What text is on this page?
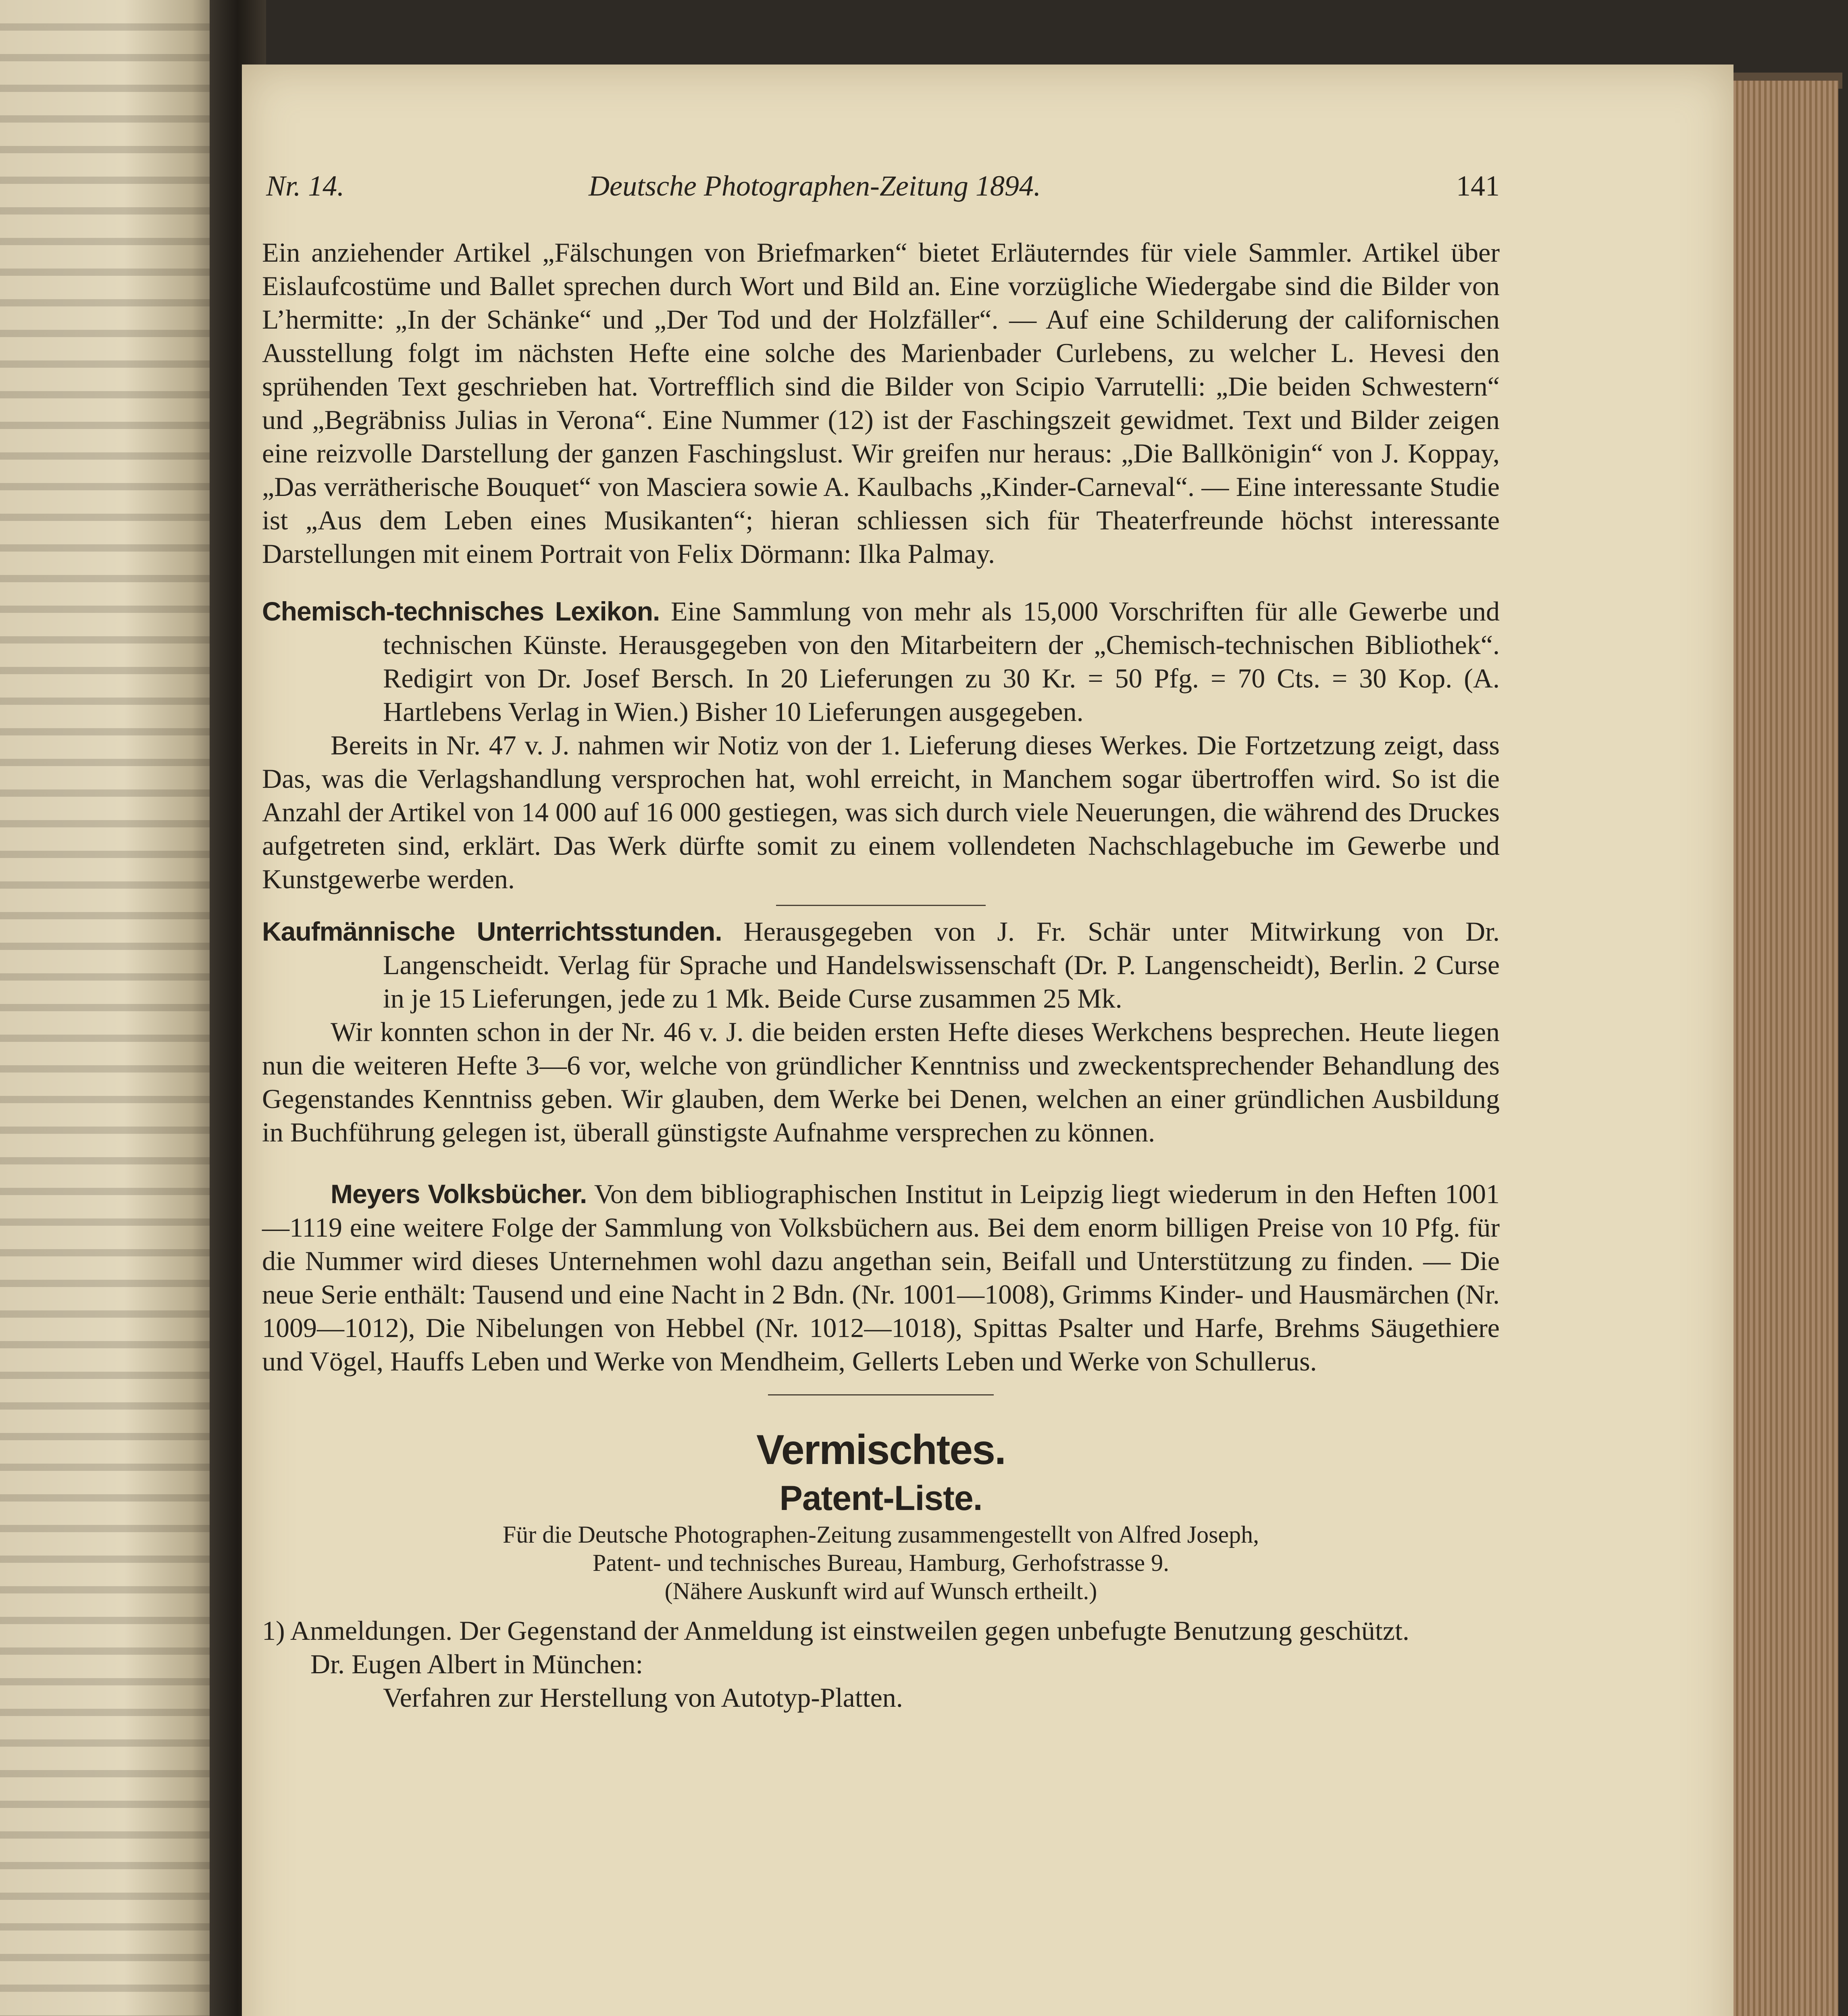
Nr. 14.	Deutsche Photographen-Zeitung 1894.	141

Ein anziehender Artikel „Fälschungen von Briefmarken“ bietet Erläuterndes für viele Sammler. Artikel über Eislaufcostüme und Ballet sprechen durch Wort und Bild an. Eine vorzügliche Wiedergabe sind die Bilder von L’hermitte: „In der Schänke“ und „Der Tod und der Holzfäller“. — Auf eine Schilderung der californischen Ausstellung folgt im nächsten Hefte eine solche des Marienbader Curlebens, zu welcher L. Hevesi den sprühenden Text geschrieben hat. Vortrefflich sind die Bilder von Scipio Varrutelli: „Die beiden Schwestern“ und „Begräbniss Julias in Verona“. Eine Nummer (12) ist der Faschingszeit gewidmet. Text und Bilder zeigen eine reizvolle Darstellung der ganzen Faschingslust. Wir greifen nur heraus: „Die Ballkönigin“ von J. Koppay, „Das verrätherische Bouquet“ von Masciera sowie A. Kaulbachs „Kinder-Carneval“. — Eine interessante Studie ist „Aus dem Leben eines Musikanten“; hieran schliessen sich für Theaterfreunde höchst interessante Darstellungen mit einem Portrait von Felix Dörmann: Ilka Palmay.

Chemisch-technisches Lexikon. Eine Sammlung von mehr als 15,000 Vorschriften für alle Gewerbe und technischen Künste. Herausgegeben von den Mitarbeitern der „Chemisch-technischen Bibliothek“. Redigirt von Dr. Josef Bersch. In 20 Lieferungen zu 30 Kr. = 50 Pfg. = 70 Cts. = 30 Kop. (A. Hartlebens Verlag in Wien.) Bisher 10 Lieferungen ausgegeben.

Bereits in Nr. 47 v. J. nahmen wir Notiz von der 1. Lieferung dieses Werkes. Die Fortzetzung zeigt, dass Das, was die Verlagshandlung versprochen hat, wohl erreicht, in Manchem sogar übertroffen wird. So ist die Anzahl der Artikel von 14 000 auf 16 000 gestiegen, was sich durch viele Neuerungen, die während des Druckes aufgetreten sind, erklärt. Das Werk dürfte somit zu einem vollendeten Nachschlagebuche im Gewerbe und Kunstgewerbe werden.

Kaufmännische Unterrichtsstunden. Herausgegeben von J. Fr. Schär unter Mitwirkung von Dr. Langenscheidt. Verlag für Sprache und Handelswissenschaft (Dr. P. Langenscheidt), Berlin. 2 Curse in je 15 Lieferungen, jede zu 1 Mk. Beide Curse zusammen 25 Mk.

Wir konnten schon in der Nr. 46 v. J. die beiden ersten Hefte dieses Werkchens besprechen. Heute liegen nun die weiteren Hefte 3—6 vor, welche von gründlicher Kenntniss und zweckentsprechender Behandlung des Gegenstandes Kenntniss geben. Wir glauben, dem Werke bei Denen, welchen an einer gründlichen Ausbildung in Buchführung gelegen ist, überall günstigste Aufnahme versprechen zu können.

Meyers Volksbücher. Von dem bibliographischen Institut in Leipzig liegt wiederum in den Heften 1001—1119 eine weitere Folge der Sammlung von Volksbüchern aus. Bei dem enorm billigen Preise von 10 Pfg. für die Nummer wird dieses Unternehmen wohl dazu angethan sein, Beifall und Unterstützung zu finden. — Die neue Serie enthält: Tausend und eine Nacht in 2 Bdn. (Nr. 1001—1008), Grimms Kinder- und Hausmärchen (Nr. 1009—1012), Die Nibelungen von Hebbel (Nr. 1012—1018), Spittas Psalter und Harfe, Brehms Säugethiere und Vögel, Hauffs Leben und Werke von Mendheim, Gellerts Leben und Werke von Schullerus.

Vermischtes.
Patent-Liste.
Für die Deutsche Photographen-Zeitung zusammengestellt von Alfred Joseph,
Patent- und technisches Bureau, Hamburg, Gerhofstrasse 9.
(Nähere Auskunft wird auf Wunsch ertheilt.)

1) Anmeldungen. Der Gegenstand der Anmeldung ist einstweilen gegen unbefugte Benutzung geschützt.

Dr. Eugen Albert in München:

Verfahren zur Herstellung von Autotyp-Platten.
